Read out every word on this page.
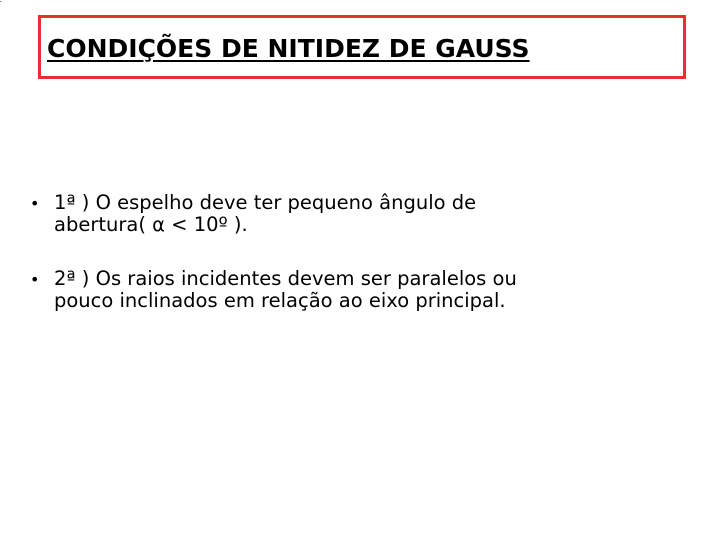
̃ ̃
CONDIÇÕES DE NITIDEZ DE GAUSS
• 1ª ) O espelho deve ter pequeno ângulo de
abertura( α < 10º ).
• 2ª ) Os raios incidentes devem ser paralelos ou
pouco inclinados em relação ao eixo principal.
